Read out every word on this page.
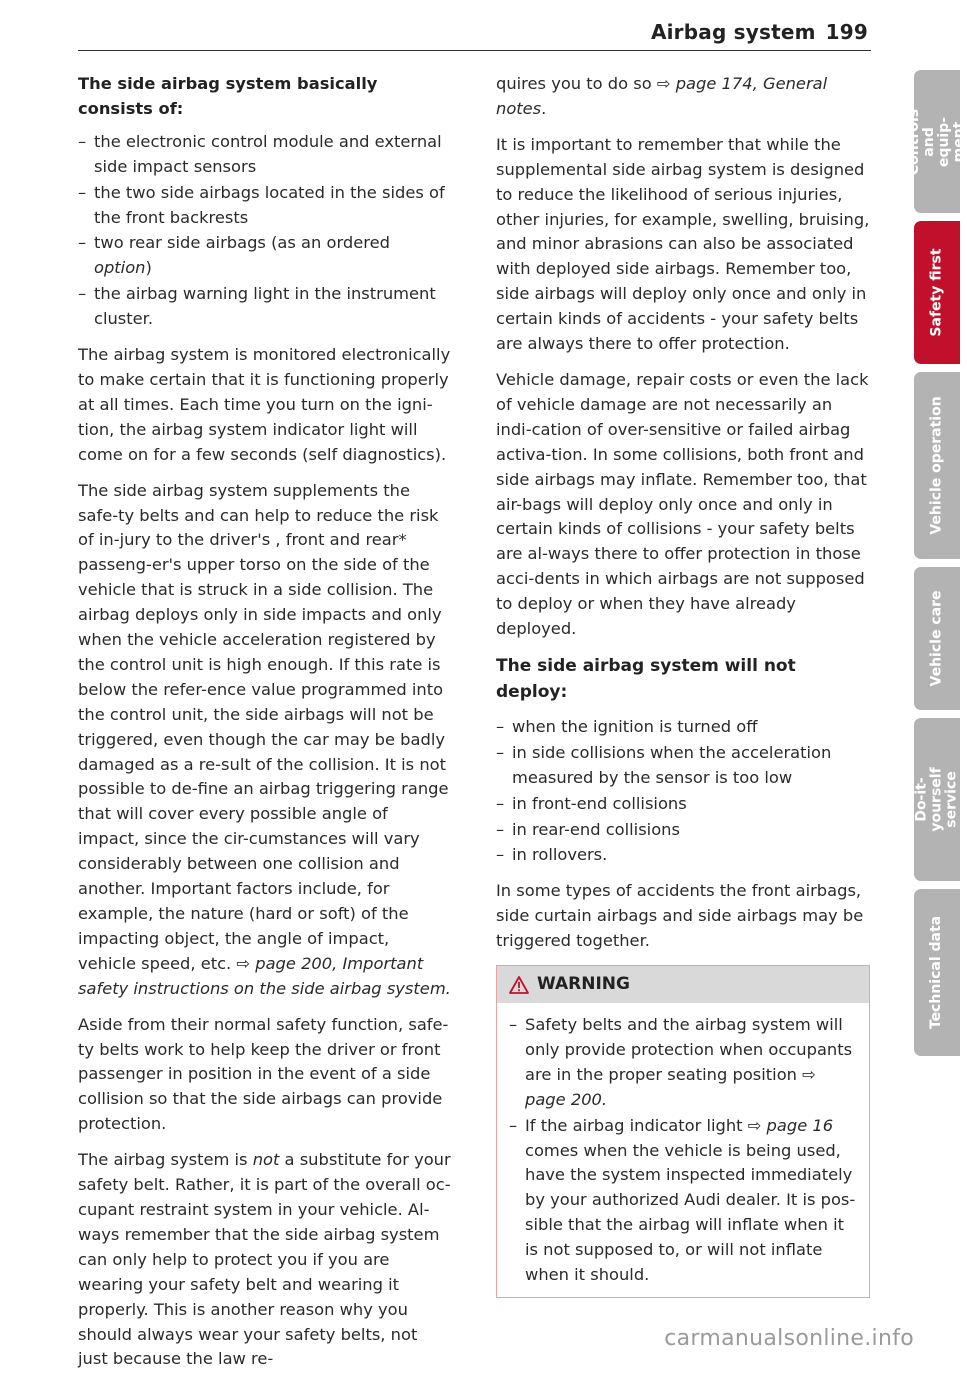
Airbag system 199
The side airbag system basically consists of:
– the electronic control module and external side impact sensors
– the two side airbags located in the sides of the front backrests
– two rear side airbags (as an ordered option)
– the airbag warning light in the instrument cluster.

The airbag system is monitored electronically to make certain that it is functioning properly at all times. Each time you turn on the igni-tion, the airbag system indicator light will come on for a few seconds (self diagnostics).

The side airbag system supplements the safe-ty belts and can help to reduce the risk of in-jury to the driver's , front and rear* passeng-er's upper torso on the side of the vehicle that is struck in a side collision. The airbag deploys only in side impacts and only when the vehicle acceleration registered by the control unit is high enough. If this rate is below the refer-ence value programmed into the control unit, the side airbags will not be triggered, even though the car may be badly damaged as a re-sult of the collision. It is not possible to de-fine an airbag triggering range that will cover every possible angle of impact, since the cir-cumstances will vary considerably between one collision and another. Important factors include, for example, the nature (hard or soft) of the impacting object, the angle of impact, vehicle speed, etc. ⇨ page 200, Important safety instructions on the side airbag system.

Aside from their normal safety function, safe-ty belts work to help keep the driver or front passenger in position in the event of a side collision so that the side airbags can provide protection.

The airbag system is not a substitute for your safety belt. Rather, it is part of the overall oc-cupant restraint system in your vehicle. Al-ways remember that the side airbag system can only help to protect you if you are wearing your safety belt and wearing it properly. This is another reason why you should always wear your safety belts, not just because the law re-

quires you to do so ⇨ page 174, General notes.

It is important to remember that while the supplemental side airbag system is designed to reduce the likelihood of serious injuries, other injuries, for example, swelling, bruising, and minor abrasions can also be associated with deployed side airbags. Remember too, side airbags will deploy only once and only in certain kinds of accidents - your safety belts are always there to offer protection.

Vehicle damage, repair costs or even the lack of vehicle damage are not necessarily an indi-cation of over-sensitive or failed airbag activa-tion. In some collisions, both front and side airbags may inflate. Remember too, that air-bags will deploy only once and only in certain kinds of collisions - your safety belts are al-ways there to offer protection in those acci-dents in which airbags are not supposed to deploy or when they have already deployed.

The side airbag system will not deploy:
– when the ignition is turned off
– in side collisions when the acceleration measured by the sensor is too low
– in front-end collisions
– in rear-end collisions
– in rollovers.

In some types of accidents the front airbags, side curtain airbags and side airbags may be triggered together.

WARNING
– Safety belts and the airbag system will only provide protection when occupants are in the proper seating position ⇨ page 200.
– If the airbag indicator light ⇨ page 16 comes when the vehicle is being used, have the system inspected immediately by your authorized Audi dealer. It is pos-sible that the airbag will inflate when it is not supposed to, or will not inflate when it should.
Controls and equip-ment
Safety first
Vehicle operation
Vehicle care
Do-it-yourself service
Technical data
carmanualsonline.info
